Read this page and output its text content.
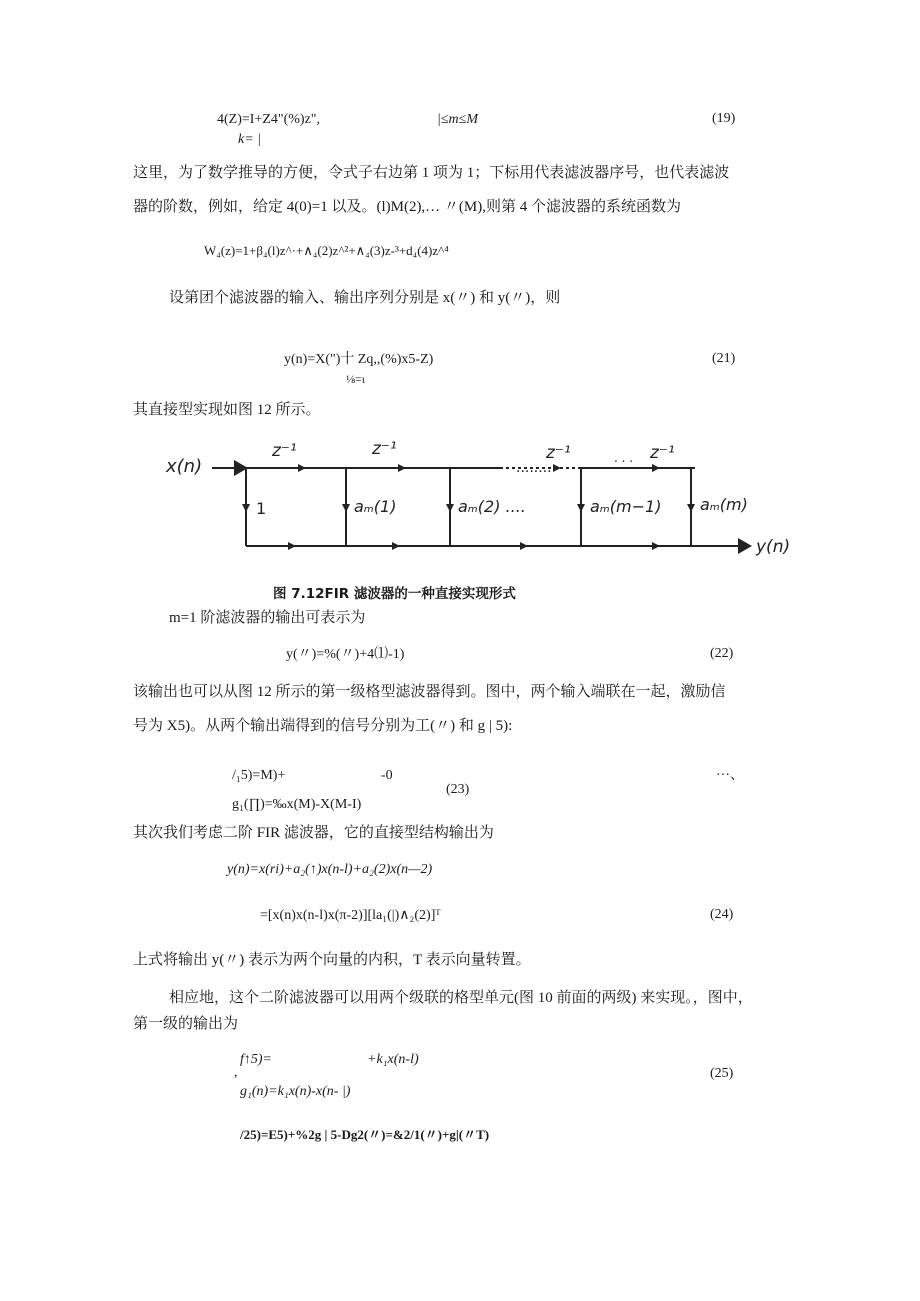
4(Z)=I+Z4"(%)z",	|≤m≤M
k= |
(19)
这里，为了数学推导的方便，令式子右边第 1 项为 1；下标用代表滤波器序号，也代表滤波
器的阶数，例如，给定 4(0)=1 以及。(l)M(2),… 〃(M),则第 4 个滤波器的系统函数为
W₄(z)=1+β₄(l)z^·+∧₄(2)z^²+∧₄(3)z-³+d₄(4)z^⁴
设第团个滤波器的输入、输出序列分别是 x(〃) 和 y(〃)，则
y(n)=X(")十 Zq,,(%)x5-Z)
⅛=ι
(21)
其直接型实现如图 12 所示。
x(n)
z⁻¹	z⁻¹	z⁻¹	z⁻¹
........
. . .
1	aₘ(1)	aₘ(2) ....	aₘ(m−1) aₘ(m)
y(n)
图 7.12FIR 滤波器的一种直接实现形式
m=1 阶滤波器的输出可表示为
y(〃)=%(〃)+4⑴-1)	(22)
该输出也可以从图 12 所示的第一级格型滤波器得到。图中，两个输入端联在一起，激励信
号为 X5)。从两个输出端得到的信号分别为工(〃) 和 g | 5):
/₁5)=M)+	-0
g₁(∏)=‰x(M)-X(M-I)
(23)
···、
其次我们考虑二阶 FIR 滤波器，它的直接型结构输出为
y(n)=x(ri)+a₂(↑)x(n-l)+a₂(2)x(n—2)
=[x(n)x(n-l)x(π-2)][la₁(|)∧₂(2)]ᵀ	(24)
上式将输出 y(〃) 表示为两个向量的内积，T 表示向量转置。
相应地，这个二阶滤波器可以用两个级联的格型单元(图 10 前面的两级) 来实现。，图中，
第一级的输出为
f↑5)=	+k₁x(n-l)
,
g₁(n)=k₁x(n)-x(n- |)
(25)
/25)=E5)+%2g | 5-Dg2(〃)=&2/1(〃)+g|(〃T)
